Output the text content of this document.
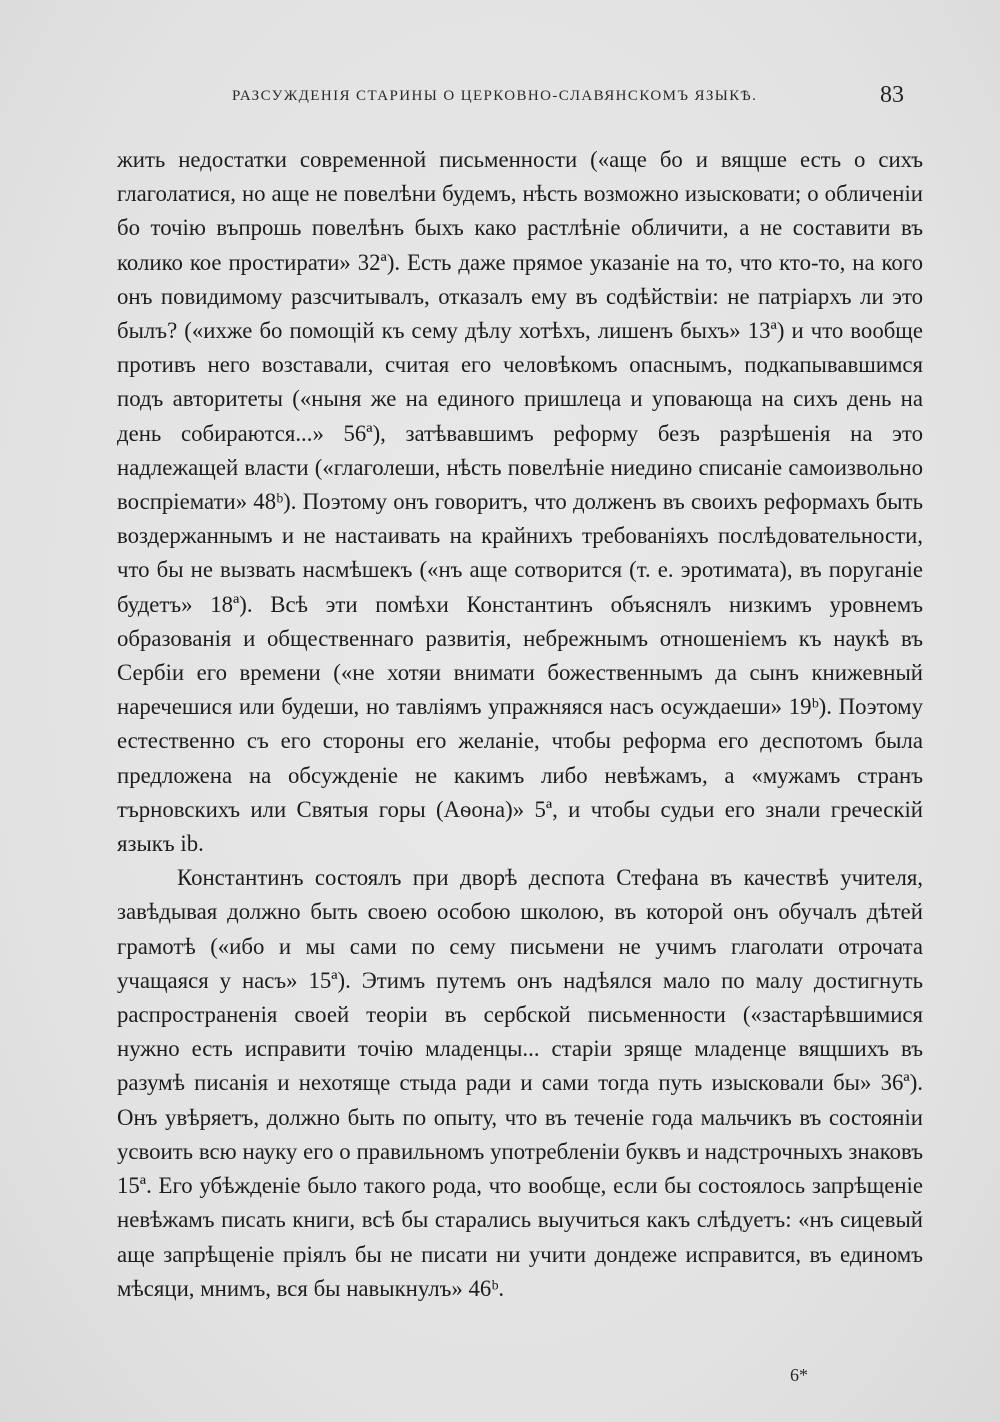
РАЗСУЖДЕНІЯ СТАРИНЫ О ЦЕРКОВНО-СЛАВЯНСКОМЪ ЯЗЫКѢ.	83

жить недостатки современной письменности («аще бо и вящше есть о сихъ глаголатися, но аще не повелѣни будемъ, нѣсть возможно изысковати; о обличеніи бо точію въпрошь повелѣнъ быхъ како растлѣніе обличити, а не составити въ колико кое простирати» 32ª). Есть даже прямое указаніе на то, что кто-то, на кого онъ повидимому разсчитывалъ, отказалъ ему въ содѣйствіи: не патріархъ ли это былъ? («ихже бо помощій къ сему дѣлу хотѣхъ, лишенъ быхъ» 13ª) и что вообще противъ него возставали, считая его человѣкомъ опаснымъ, подкапывавшимся подъ авторитеты («ныня же на единого пришлеца и уповающа на сихъ день на день собираются...» 56ª), затѣвавшимъ реформу безъ разрѣшенія на это надлежащей власти («глаголеши, нѣсть повелѣніе ниедино списаніе самоизвольно воспріемати» 48ᵇ). Поэтому онъ говоритъ, что долженъ въ своихъ реформахъ быть воздержаннымъ и не настаивать на крайнихъ требованіяхъ послѣдовательности, что бы не вызвать насмѣшекъ («нъ аще сотворится (т. е. эротимата), въ поруганіе будетъ» 18ª). Всѣ эти помѣхи Константинъ объяснялъ низкимъ уровнемъ образованія и общественнаго развитія, небрежнымъ отношеніемъ къ наукѣ въ Сербіи его времени («не хотяи внимати божественнымъ да сынъ книжевный наречешися или будеши, но тавліямъ упражняяся насъ осуждаеши» 19ᵇ). Поэтому естественно съ его стороны его желаніе, чтобы реформа его деспотомъ была предложена на обсужденіе не какимъ либо невѣжамъ, а «мужамъ странъ търновскихъ или Святыя горы (Аѳона)» 5ª, и чтобы судьи его знали греческій языкъ іb.

Константинъ состоялъ при дворѣ деспота Стефана въ качествѣ учителя, завѣдывая должно быть своею особою школою, въ которой онъ обучалъ дѣтей грамотѣ («ибо и мы сами по сему письмени не учимъ глаголати отрочата учащаяся у насъ» 15ª). Этимъ путемъ онъ надѣялся мало по малу достигнуть распространенія своей теоріи въ сербской письменности («застарѣвшимися нужно есть исправити точію младенцы... старіи зряще младенце вящшихъ въ разумѣ писанія и нехотяще стыда ради и сами тогда путь изысковали бы» 36ª). Онъ увѣряетъ, должно быть по опыту, что въ теченіе года мальчикъ въ состояніи усвоить всю науку его о правильномъ употребленіи буквъ и надстрочныхъ знаковъ 15ª. Его убѣжденіе было такого рода, что вообще, если бы состоялось запрѣщеніе невѣжамъ писать книги, всѣ бы старались выучиться какъ слѣдуетъ: «нъ сицевый аще запрѣщеніе пріялъ бы не писати ни учити дондеже исправится, въ единомъ мѣсяци, мнимъ, вся бы навыкнулъ» 46ᵇ.

6*
